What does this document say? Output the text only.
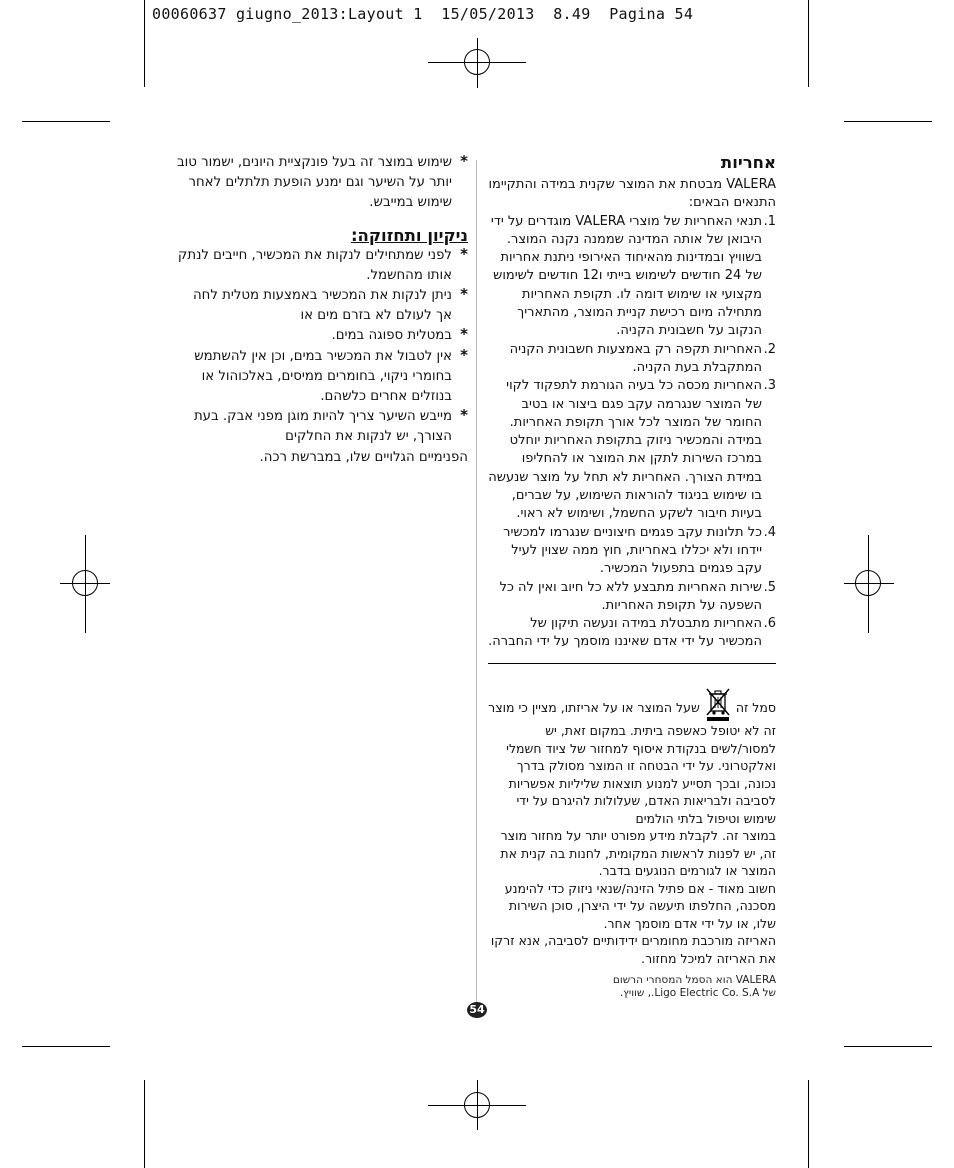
00060637 giugno_2013:Layout 1  15/05/2013  8.49  Pagina 54
אחריות

VALERA מבטחת את המוצר שקנית במידה והתקיימו התנאים הבאים:

1.
תנאי האחריות של מוצרי VALERA מוגדרים על ידי היבואן של אותה המדינה שממנה נקנה המוצר. בשוויץ ובמדינות מהאיחוד האירופי ניתנת אחריות של 24 חודשים לשימוש בייתי ו12 חודשים לשימוש מקצועי או שימוש דומה לו. תקופת האחריות מתחילה מיום רכישת קניית המוצר, מהתאריך הנקוב על חשבונית הקניה.
2.
האחריות תקפה רק באמצעות חשבונית הקניה המתקבלת בעת הקניה.
3.
האחריות מכסה כל בעיה הגורמת לתפקוד לקוי של המוצר שנגרמה עקב פגם ביצור או בטיב החומר של המוצר לכל אורך תקופת האחריות. במידה והמכשיר ניזוק בתקופת האחריות יוחלט במרכז השירות לתקן את המוצר או להחליפו במידת הצורך. האחריות לא תחל על מוצר שנעשה בו שימוש בניגוד להוראות השימוש, על שברים, בעיות חיבור לשקע החשמל, ושימוש לא ראוי.
4.
כל תלונות עקב פגמים חיצוניים שנגרמו למכשיר יידחו ולא יכללו באחריות, חוץ ממה שצוין לעיל עקב פגמים בתפעול המכשיר.
5.
שירות האחריות מתבצע ללא כל חיוב ואין לה כל השפעה על תקופת האחריות.
6.
האחריות מתבטלת במידה ונעשה תיקון של המכשיר על ידי אדם שאיננו מוסמך על ידי החברה.

סמל זהשעל המוצר או על אריזתו, מציין כי מוצר זה לא יטופל כאשפה ביתית. במקום זאת, יש למסור/לשים בנקודת איסוף למחזור של ציוד חשמלי ואלקטרוני. על ידי הבטחה זו המוצר מסולק בדרך נכונה, ובכך תסייע למנוע תוצאות שליליות אפשריות לסביבה ולבריאות האדם, שעלולות להיגרם על ידי שימוש וטיפול בלתי הולמים

במוצר זה. לקבלת מידע מפורט יותר על מחזור מוצר זה, יש לפנות לראשות המקומית, לחנות בה קנית את המוצר או לגורמים הנוגעים בדבר.

חשוב מאוד - אם פתיל הזינה/שנאי ניזוק כדי להימנע מסכנה, החלפתו תיעשה על ידי היצרן, סוכן השירות שלו, או על ידי אדם מוסמך אחר.

האריזה מורכבת מחומרים ידידותיים לסביבה, אנא זרקו את האריזה למיכל מחזור.

VALERA הוא הסמל המסחרי הרשום
של Ligo Electric Co. S.A., שוויץ.
*
שימוש במוצר זה בעל פונקציית היונים, ישמור טוב יותר על השיער וגם ימנע הופעת תלתלים לאחר שימוש במייבש.
ניקיון ותחזוקה:
*
לפני שמתחילים לנקות את המכשיר, חייבים לנתק אותו מהחשמל.
*
ניתן לנקות את המכשיר באמצעות מטלית לחה אך לעולם לא בזרם מים או
*
במטלית ספוגה במים.
*
אין לטבול את המכשיר במים, וכן אין להשתמש בחומרי ניקוי, בחומרים ממיסים, באלכוהול או בנוזלים אחרים כלשהם.
*
מייבש השיער צריך להיות מוגן מפני אבק. בעת הצורך, יש לנקות את החלקים

הפנימיים הגלויים שלו, במברשת רכה.

54
